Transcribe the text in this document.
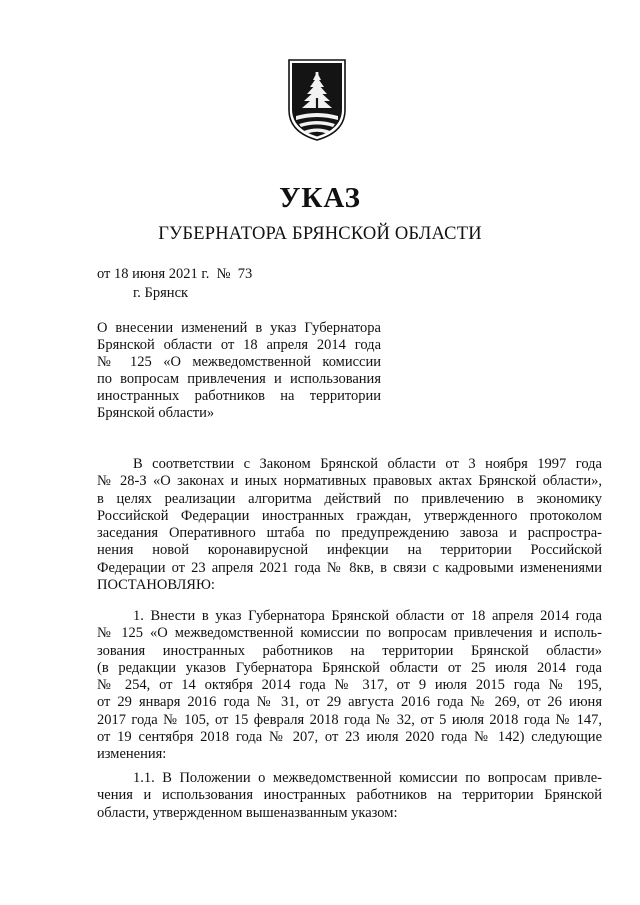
УКАЗ
ГУБЕРНАТОРА БРЯНСКОЙ ОБЛАСТИ
от 18 июня 2021 г.  №  73
г. Брянск
О внесении изменений в указ Губернатора
Брянской области от 18 апреля 2014 года
№ 125 «О межведомственной комиссии
по вопросам привлечения и использования
иностранных работников на территории
Брянской области»
В соответствии с Законом Брянской области от 3 ноября 1997 года
№ 28-З «О законах и иных нормативных правовых актах Брянской области»,
в целях реализации алгоритма действий по привлечению в экономику
Российской Федерации иностранных граждан, утвержденного протоколом
заседания Оперативного штаба по предупреждению завоза и распростра-
нения новой коронавирусной инфекции на территории Российской
Федерации от 23 апреля 2021 года № 8кв, в связи с кадровыми изменениями
ПОСТАНОВЛЯЮ:
1. Внести в указ Губернатора Брянской области от 18 апреля 2014 года
№ 125 «О межведомственной комиссии по вопросам привлечения и исполь-
зования иностранных работников на территории Брянской области»
(в редакции указов Губернатора Брянской области от 25 июля 2014 года
№ 254, от 14 октября 2014 года № 317, от 9 июля 2015 года № 195,
от 29 января 2016 года № 31, от 29 августа 2016 года № 269, от 26 июня
2017 года № 105, от 15 февраля 2018 года № 32, от 5 июля 2018 года № 147,
от 19 сентября 2018 года № 207, от 23 июля 2020 года № 142) следующие
изменения:
1.1. В Положении о межведомственной комиссии по вопросам привле-
чения и использования иностранных работников на территории Брянской
области, утвержденном вышеназванным указом:
